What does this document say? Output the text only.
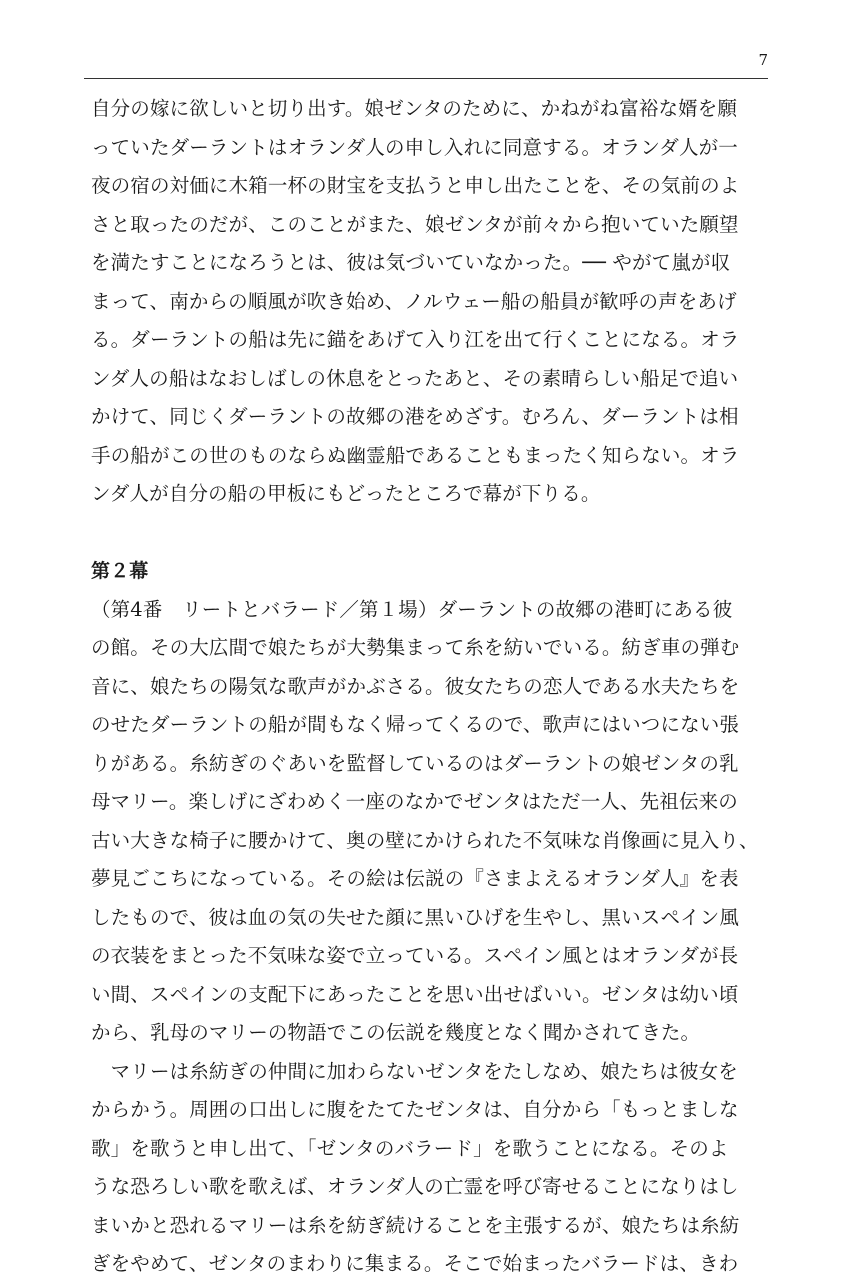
7
自分の嫁に欲しいと切り出す。娘ゼンタのために、かねがね富裕な婿を願
っていたダーラントはオランダ人の申し入れに同意する。オランダ人が一
夜の宿の対価に木箱一杯の財宝を支払うと申し出たことを、その気前のよ
さと取ったのだが、このことがまた、娘ゼンタが前々から抱いていた願望
を満たすことになろうとは、彼は気づいていなかった。── やがて嵐が収
まって、南からの順風が吹き始め、ノルウェー船の船員が歓呼の声をあげ
る。ダーラントの船は先に錨をあげて入り江を出て行くことになる。オラ
ンダ人の船はなおしばしの休息をとったあと、その素晴らしい船足で追い
かけて、同じくダーラントの故郷の港をめざす。むろん、ダーラントは相
手の船がこの世のものならぬ幽霊船であることもまったく知らない。オラ
ンダ人が自分の船の甲板にもどったところで幕が下りる。
第２幕
（第4番　リートとバラード／第１場）ダーラントの故郷の港町にある彼
の館。その大広間で娘たちが大勢集まって糸を紡いでいる。紡ぎ車の弾む
音に、娘たちの陽気な歌声がかぶさる。彼女たちの恋人である水夫たちを
のせたダーラントの船が間もなく帰ってくるので、歌声にはいつにない張
りがある。糸紡ぎのぐあいを監督しているのはダーラントの娘ゼンタの乳
母マリー。楽しげにざわめく一座のなかでゼンタはただ一人、先祖伝来の
古い大きな椅子に腰かけて、奥の壁にかけられた不気味な肖像画に見入り、
夢見ごこちになっている。その絵は伝説の『さまよえるオランダ人』を表
したもので、彼は血の気の失せた顔に黒いひげを生やし、黒いスペイン風
の衣装をまとった不気味な姿で立っている。スペイン風とはオランダが長
い間、スペインの支配下にあったことを思い出せばいい。ゼンタは幼い頃
から、乳母のマリーの物語でこの伝説を幾度となく聞かされてきた。
　マリーは糸紡ぎの仲間に加わらないゼンタをたしなめ、娘たちは彼女を
からかう。周囲の口出しに腹をたてたゼンタは、自分から「もっとましな
歌」を歌うと申し出て、「ゼンタのバラード」を歌うことになる。そのよ
うな恐ろしい歌を歌えば、オランダ人の亡霊を呼び寄せることになりはし
まいかと恐れるマリーは糸を紡ぎ続けることを主張するが、娘たちは糸紡
ぎをやめて、ゼンタのまわりに集まる。そこで始まったバラードは、きわ
